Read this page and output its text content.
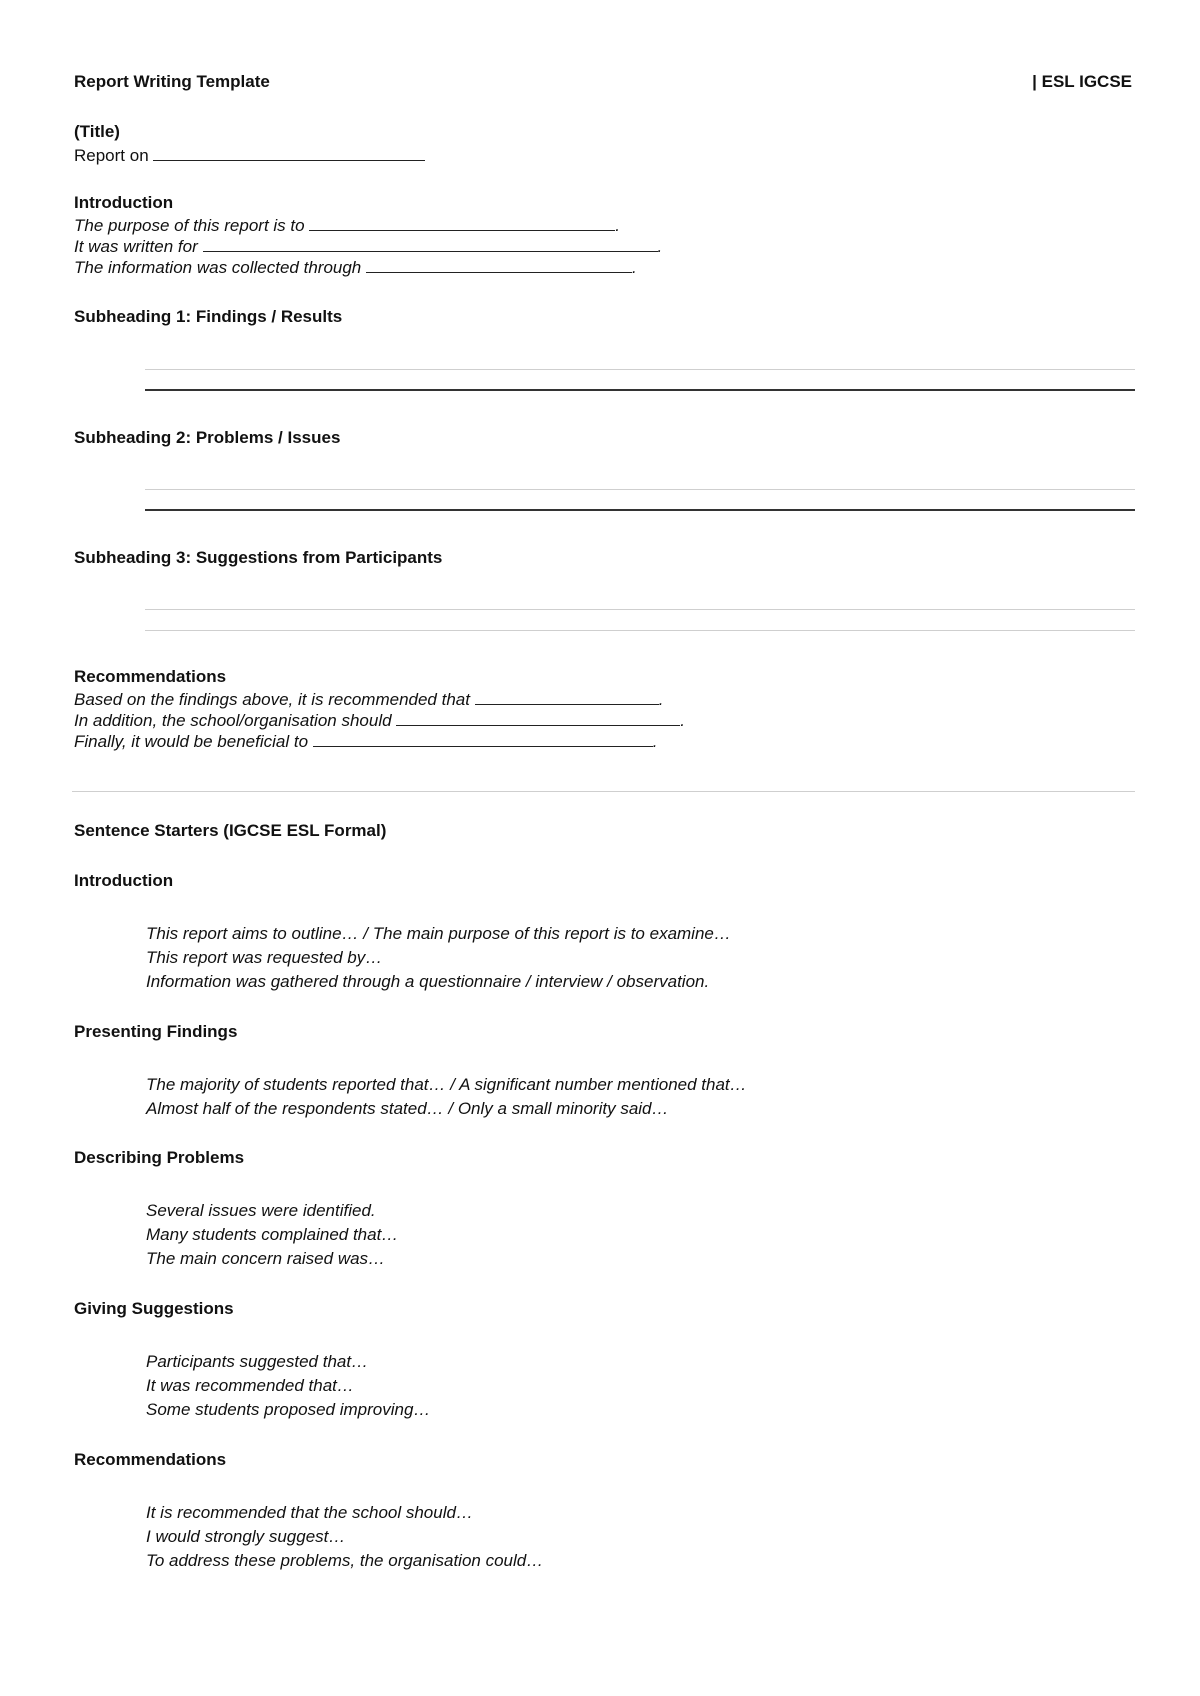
Report Writing Template	| ESL IGCSE
(Title)
Report on
Introduction
The purpose of this report is to	.
It was written for	.
The information was collected through	.
Subheading 1: Findings / Results
Subheading 2: Problems / Issues
Subheading 3: Suggestions from Participants
Recommendations
Based on the findings above, it is recommended that	.
In addition, the school/organisation should	.
Finally, it would be beneficial to	.
Sentence Starters (IGCSE ESL Formal)
Introduction
This report aims to outline… / The main purpose of this report is to examine…
This report was requested by…
Information was gathered through a questionnaire / interview / observation.
Presenting Findings
The majority of students reported that… / A significant number mentioned that…
Almost half of the respondents stated… / Only a small minority said…
Describing Problems
Several issues were identified.
Many students complained that…
The main concern raised was…
Giving Suggestions
Participants suggested that…
It was recommended that…
Some students proposed improving…
Recommendations
It is recommended that the school should…
I would strongly suggest…
To address these problems, the organisation could…
